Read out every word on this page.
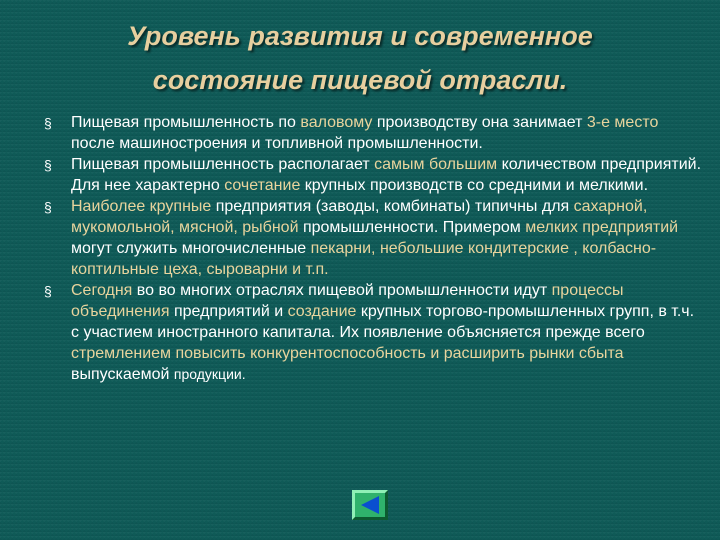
Уровень развития и современное
состояние пищевой отрасли.
§ Пищевая промышленность по валовому производству она занимает 3-е место после машиностроения и топливной промышленности.
§ Пищевая промышленность располагает самым большим количеством предприятий. Для нее характерно сочетание крупных производств со средними и мелкими.
§ Наиболее крупные предприятия (заводы, комбинаты) типичны для сахарной, мукомольной, мясной, рыбной промышленности. Примером мелких предприятий могут служить многочисленные пекарни, небольшие кондитерские , колбасно-коптильные цеха, сыроварни и т.п.
§ Сегодня во во многих отраслях пищевой промышленности идут процессы объединения предприятий и создание крупных торгово-промышленных групп, в т.ч. с участием иностранного капитала. Их появление объясняется прежде всего стремлением повысить конкурентоспособность и расширить рынки сбыта выпускаемой продукции.
